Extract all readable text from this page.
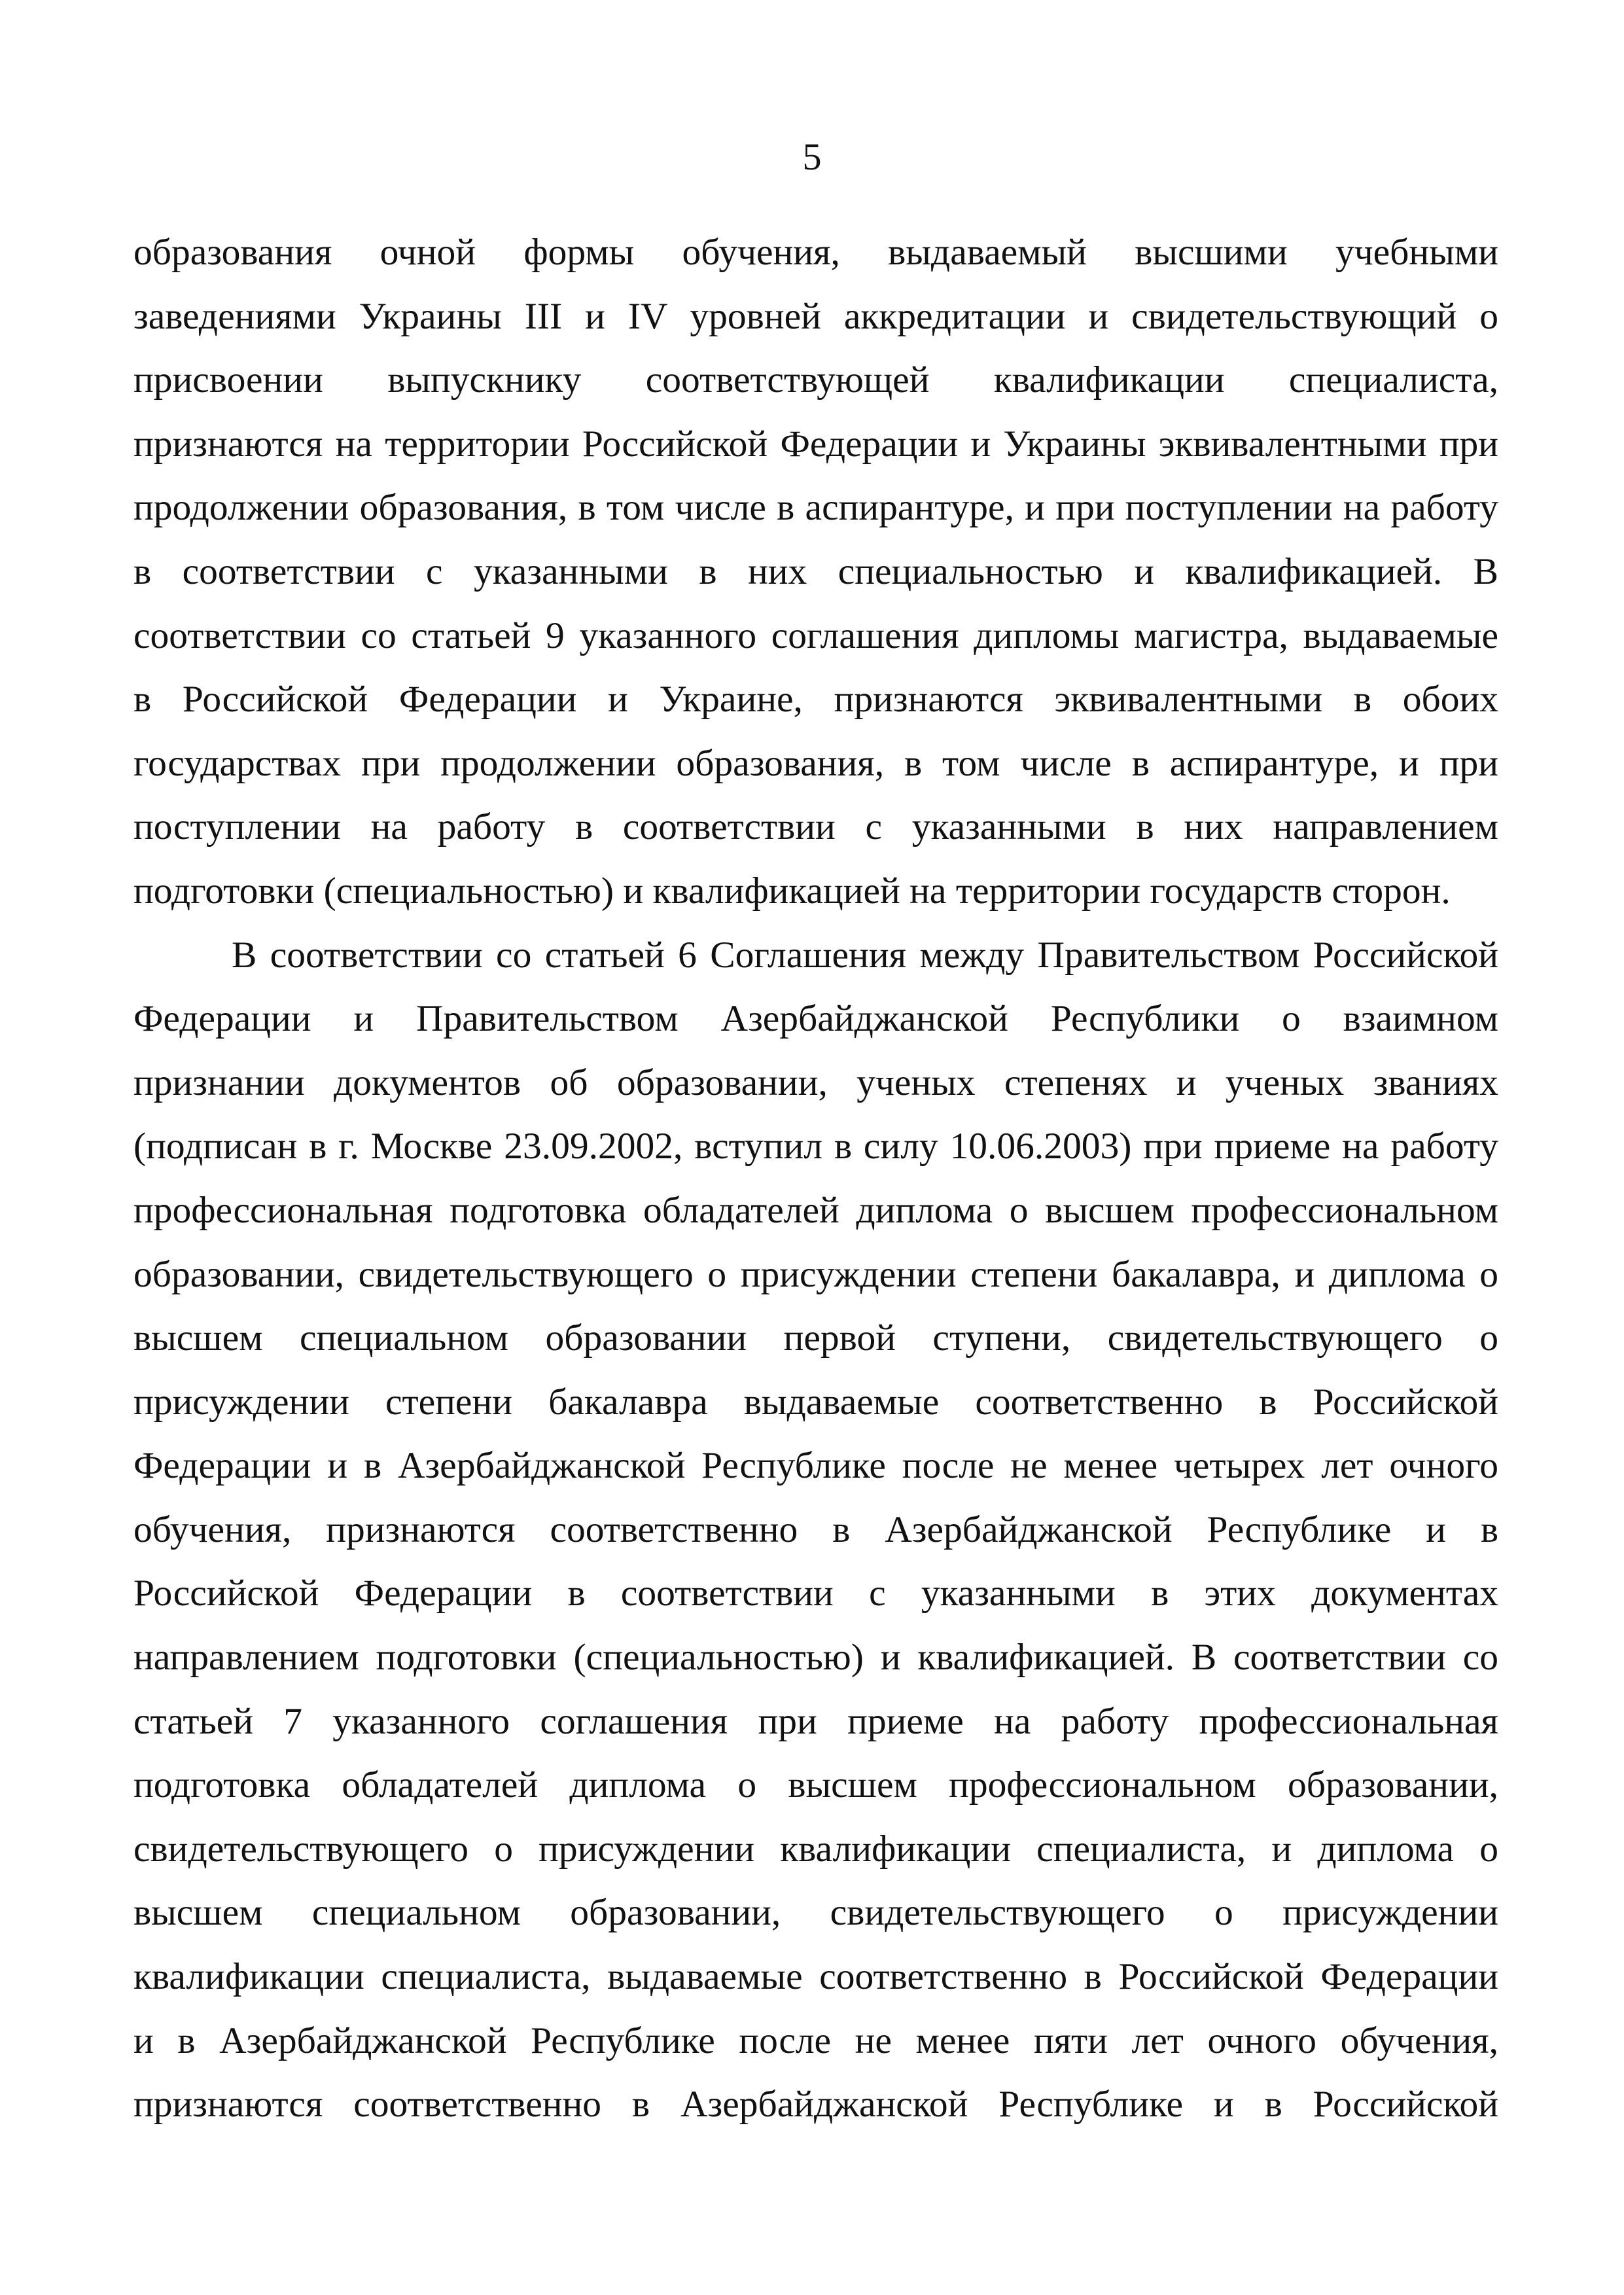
5
образования очной формы обучения, выдаваемый высшими учебными
заведениями Украины III и IV уровней аккредитации и свидетельствующий о
присвоении выпускнику соответствующей квалификации специалиста,
признаются на территории Российской Федерации и Украины эквивалентными при
продолжении образования, в том числе в аспирантуре, и при поступлении на работу
в соответствии с указанными в них специальностью и квалификацией. В
соответствии со статьей 9 указанного соглашения дипломы магистра, выдаваемые
в Российской Федерации и Украине, признаются эквивалентными в обоих
государствах при продолжении образования, в том числе в аспирантуре, и при
поступлении на работу в соответствии с указанными в них направлением
подготовки (специальностью) и квалификацией на территории государств сторон.
В соответствии со статьей 6 Соглашения между Правительством Российской
Федерации и Правительством Азербайджанской Республики о взаимном
признании документов об образовании, ученых степенях и ученых званиях
(подписан в г. Москве 23.09.2002, вступил в силу 10.06.2003) при приеме на работу
профессиональная подготовка обладателей диплома о высшем профессиональном
образовании, свидетельствующего о присуждении степени бакалавра, и диплома о
высшем специальном образовании первой ступени, свидетельствующего о
присуждении степени бакалавра выдаваемые соответственно в Российской
Федерации и в Азербайджанской Республике после не менее четырех лет очного
обучения, признаются соответственно в Азербайджанской Республике и в
Российской Федерации в соответствии с указанными в этих документах
направлением подготовки (специальностью) и квалификацией. В соответствии со
статьей 7 указанного соглашения при приеме на работу профессиональная
подготовка обладателей диплома о высшем профессиональном образовании,
свидетельствующего о присуждении квалификации специалиста, и диплома о
высшем специальном образовании, свидетельствующего о присуждении
квалификации специалиста, выдаваемые соответственно в Российской Федерации
и в Азербайджанской Республике после не менее пяти лет очного обучения,
признаются соответственно в Азербайджанской Республике и в Российской
